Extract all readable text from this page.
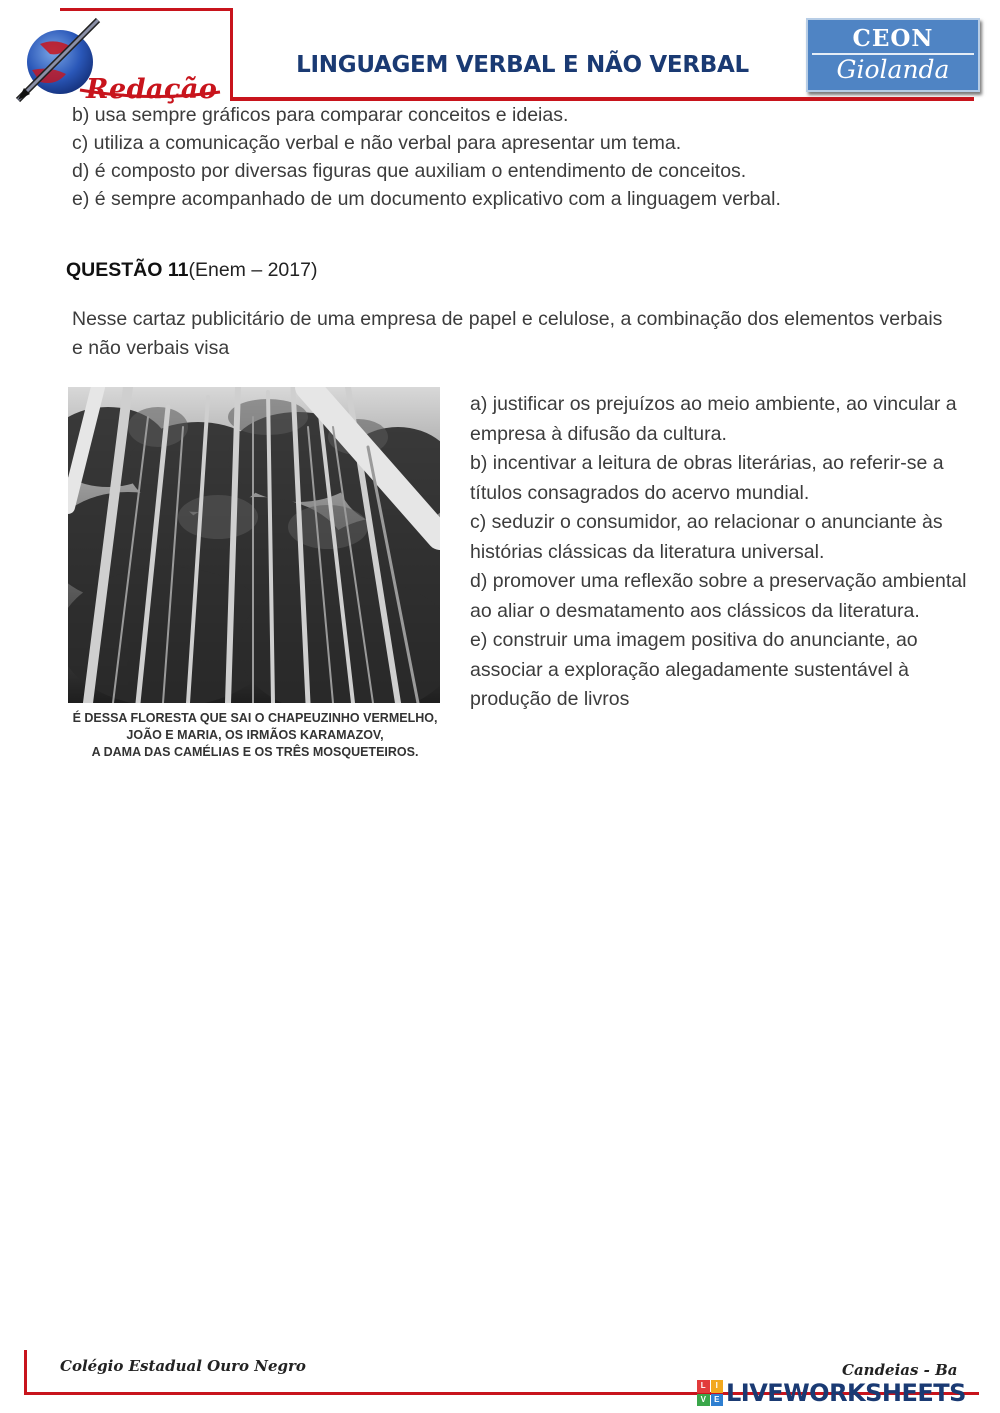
Redação
LINGUAGEM VERBAL E NÃO VERBAL
CEON
Giolanda
b) usa sempre gráficos para comparar conceitos e ideias.
c) utiliza a comunicação verbal e não verbal para apresentar um tema.
d) é composto por diversas figuras que auxiliam o entendimento de conceitos.
e) é sempre acompanhado de um documento explicativo com a linguagem verbal.
QUESTÃO 11(Enem – 2017)
Nesse cartaz publicitário de uma empresa de papel e celulose, a combinação dos elementos verbais e não verbais visa
É DESSA FLORESTA QUE SAI O CHAPEUZINHO VERMELHO,
JOÃO E MARIA, OS IRMÃOS KARAMAZOV,
A DAMA DAS CAMÉLIAS E OS TRÊS MOSQUETEIROS.
a) justificar os prejuízos ao meio ambiente, ao vincular a empresa à difusão da cultura.
b) incentivar a leitura de obras literárias, ao referir-se a títulos consagrados do acervo mundial.
c) seduzir o consumidor, ao relacionar o anunciante às histórias clássicas da literatura universal.
d) promover uma reflexão sobre a preservação ambiental ao aliar o desmatamento aos clássicos da literatura.
e) construir uma imagem positiva do anunciante, ao associar a exploração alegadamente sustentável à produção de livros
Colégio Estadual Ouro Negro	Candeias - Ba
L	I
V	E LIVEWORKSHEETS
